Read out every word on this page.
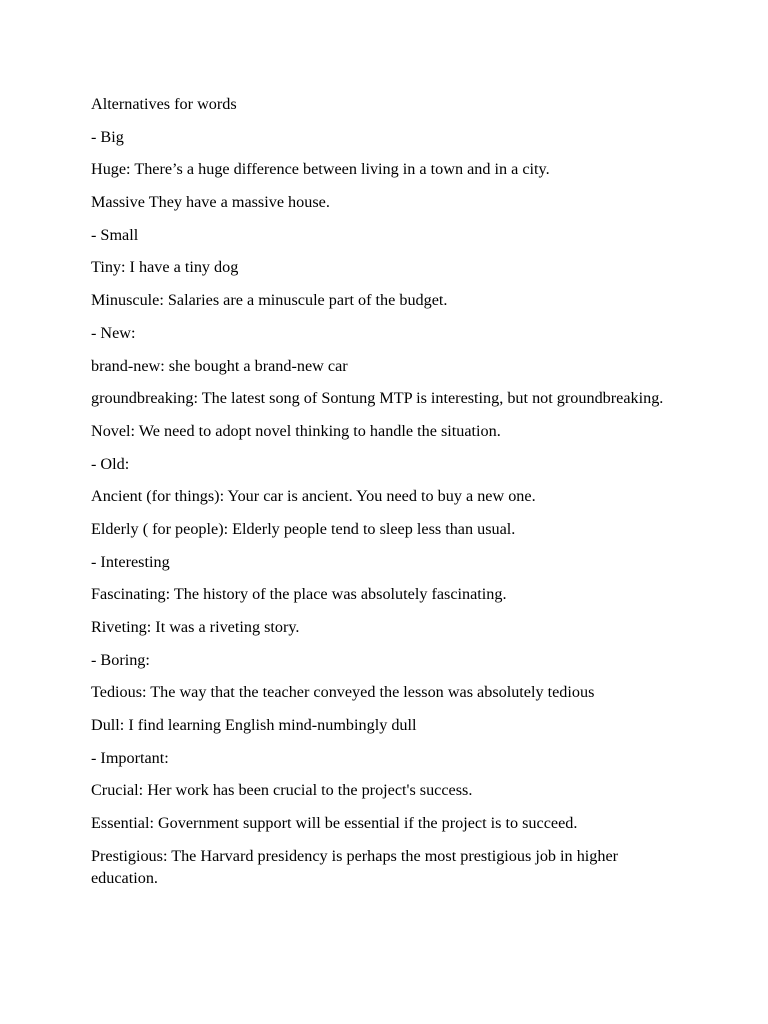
Alternatives for words

- Big

Huge: There’s a huge difference between living in a town and in a city.

Massive They have a massive house.

- Small

Tiny: I have a tiny dog

Minuscule: Salaries are a minuscule part of the budget.

- New:

brand-new: she bought a brand-new car

groundbreaking: The latest song of Sontung MTP is interesting, but not groundbreaking.

Novel: We need to adopt novel thinking to handle the situation.

- Old:

Ancient (for things): Your car is ancient. You need to buy a new one.

Elderly ( for people): Elderly people tend to sleep less than usual.

- Interesting

Fascinating: The history of the place was absolutely fascinating.

Riveting: It was a riveting story.

- Boring:

Tedious: The way that the teacher conveyed the lesson was absolutely tedious

Dull: I find learning English mind-numbingly dull

- Important:

Crucial: Her work has been crucial to the project's success.

Essential: Government support will be essential if the project is to succeed.

Prestigious: The Harvard presidency is perhaps the most prestigious job in higher education.
